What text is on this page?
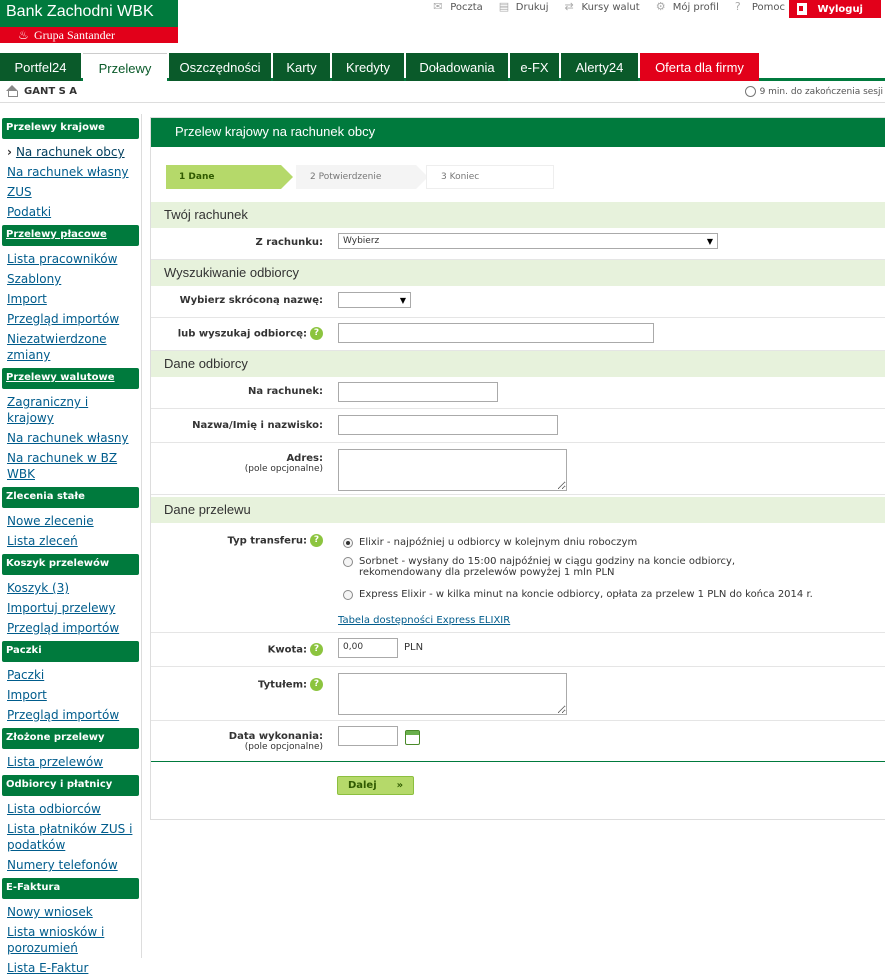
Bank Zachodni WBK
♨ Grupa Santander
✉ Poczta ▤ Drukuj ⇄ Kursy walut ⚙ Mój profil ?	Pomoc	Wyloguj
Portfel24	Przelewy	Oszczędności	Karty	Kredyty	Doładowania	e-FX	Alerty24	Oferta dla firmy
GANT S A	9 min. do zakończenia sesji
Przelewy krajowe
› Na rachunek obcy
Na rachunek własny
ZUS
Podatki
Przelewy płacowe
Lista pracowników
Szablony
Import
Przegląd importów
Niezatwierdzone zmiany
Przelewy walutowe
Zagraniczny i krajowy
Na rachunek własny
Na rachunek w BZ WBK
Zlecenia stałe
Nowe zlecenie
Lista zleceń
Koszyk przelewów
Koszyk (3)
Importuj przelewy
Przegląd importów
Paczki
Paczki
Import
Przegląd importów
Złożone przelewy
Lista przelewów
Odbiorcy i płatnicy
Lista odbiorców
Lista płatników ZUS i podatków
Numery telefonów
E-Faktura
Nowy wniosek
Lista wniosków i porozumień
Lista E-Faktur
Przelew krajowy na rachunek obcy
1
Dane	2
Potwierdzenie	3
Koniec
Twój rachunek
Z rachunku: Wybierz	▼
Wyszukiwanie odbiorcy
Wybierz skróconą nazwę:	▼
lub wyszukaj odbiorcę: ?
Dane odbiorcy
Na rachunek:
Nazwa/Imię i nazwisko:
Adres:
(pole opcjonalne)
Dane przelewu
Typ transferu: ?	Elixir - najpóźniej u odbiorcy w kolejnym dniu roboczym
Sorbnet - wysłany do 15:00 najpóźniej w ciągu godziny na koncie odbiorcy,
rekomendowany dla przelewów powyżej 1 mln PLN
Express Elixir - w kilka minut na koncie odbiorcy, opłata za przelew 1 PLN do końca 2014 r.
Tabela dostępności Express ELIXIR
Kwota: ?	0,00	PLN
Tytułem: ?
Data wykonania:
(pole opcjonalne)
Dalej »
